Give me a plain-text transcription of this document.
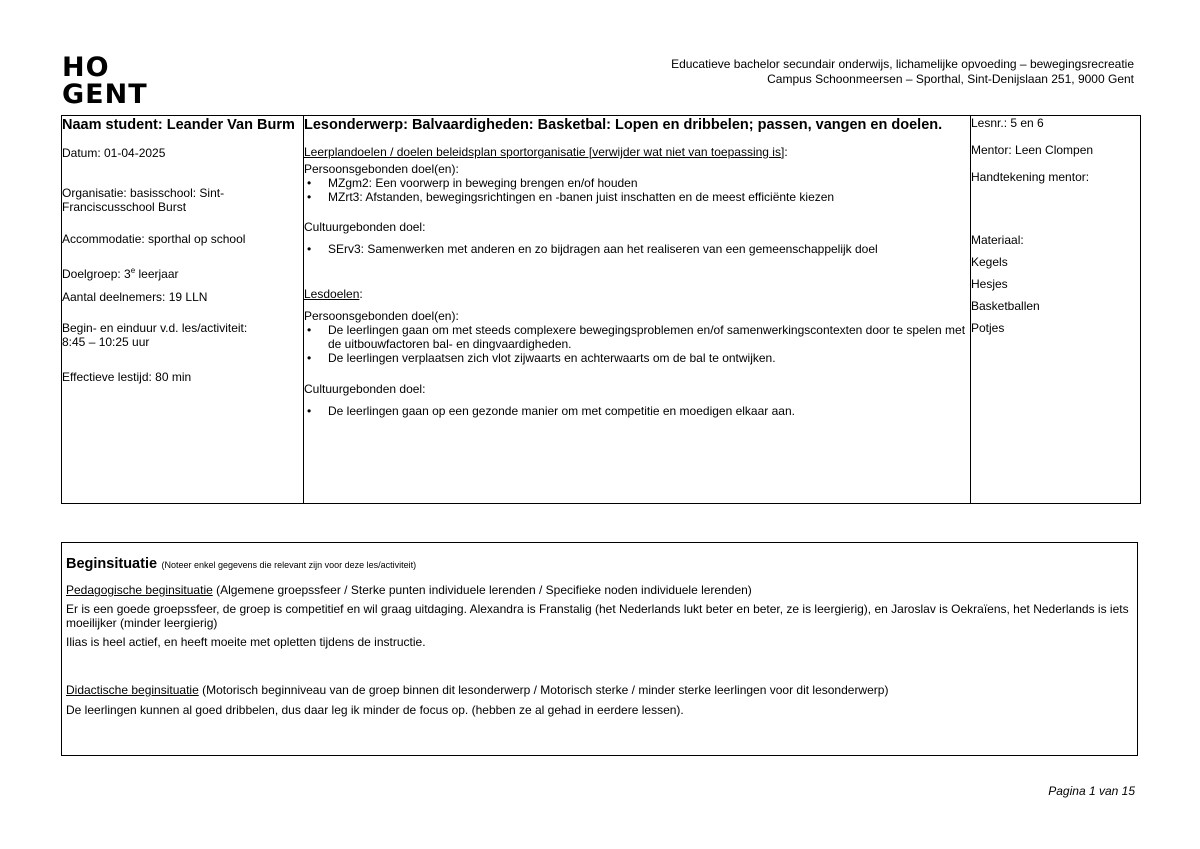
HO
GENT
Educatieve bachelor secundair onderwijs, lichamelijke opvoeding – bewegingsrecreatie
Campus Schoonmeersen – Sporthal, Sint-Denijslaan 251, 9000 Gent
Naam student: Leander Van Burm
Datum: 01-04-2025
Organisatie: basisschool: Sint-Franciscusschool Burst
Accommodatie: sporthal op school
Doelgroep: 3e leerjaar
Aantal deelnemers: 19 LLN
Begin- en einduur v.d. les/activiteit:
8:45 – 10:25 uur
Effectieve lestijd: 80 min

Lesonderwerp: Balvaardigheden: Basketbal: Lopen en dribbelen; passen, vangen en doelen.
Leerplandoelen / doelen beleidsplan sportorganisatie [verwijder wat niet van toepassing is]:
Persoonsgebonden doel(en):
• MZgm2: Een voorwerp in beweging brengen en/of houden
• MZrt3: Afstanden, bewegingsrichtingen en -banen juist inschatten en de meest efficiënte kiezen
Cultuurgebonden doel:
• SErv3: Samenwerken met anderen en zo bijdragen aan het realiseren van een gemeenschappelijk doel
Lesdoelen:
Persoonsgebonden doel(en):
• De leerlingen gaan om met steeds complexere bewegingsproblemen en/of samenwerkingscontexten door te spelen met de uitbouwfactoren bal- en dingvaardigheden.
• De leerlingen verplaatsen zich vlot zijwaarts en achterwaarts om de bal te ontwijken.
Cultuurgebonden doel:
• De leerlingen gaan op een gezonde manier om met competitie en moedigen elkaar aan.

Lesnr.: 5 en 6
Mentor: Leen Clompen
Handtekening mentor:
Materiaal:
Kegels
Hesjes
Basketballen
Potjes
Beginsituatie (Noteer enkel gegevens die relevant zijn voor deze les/activiteit)
Pedagogische beginsituatie (Algemene groepssfeer / Sterke punten individuele lerenden / Specifieke noden individuele lerenden)
Er is een goede groepssfeer, de groep is competitief en wil graag uitdaging. Alexandra is Franstalig (het Nederlands lukt beter en beter, ze is leergierig), en Jaroslav is Oekraïens, het Nederlands is iets moeilijker (minder leergierig)
Ilias is heel actief, en heeft moeite met opletten tijdens de instructie.
Didactische beginsituatie (Motorisch beginniveau van de groep binnen dit lesonderwerp / Motorisch sterke / minder sterke leerlingen voor dit lesonderwerp)
De leerlingen kunnen al goed dribbelen, dus daar leg ik minder de focus op. (hebben ze al gehad in eerdere lessen).
Pagina 1 van 15
